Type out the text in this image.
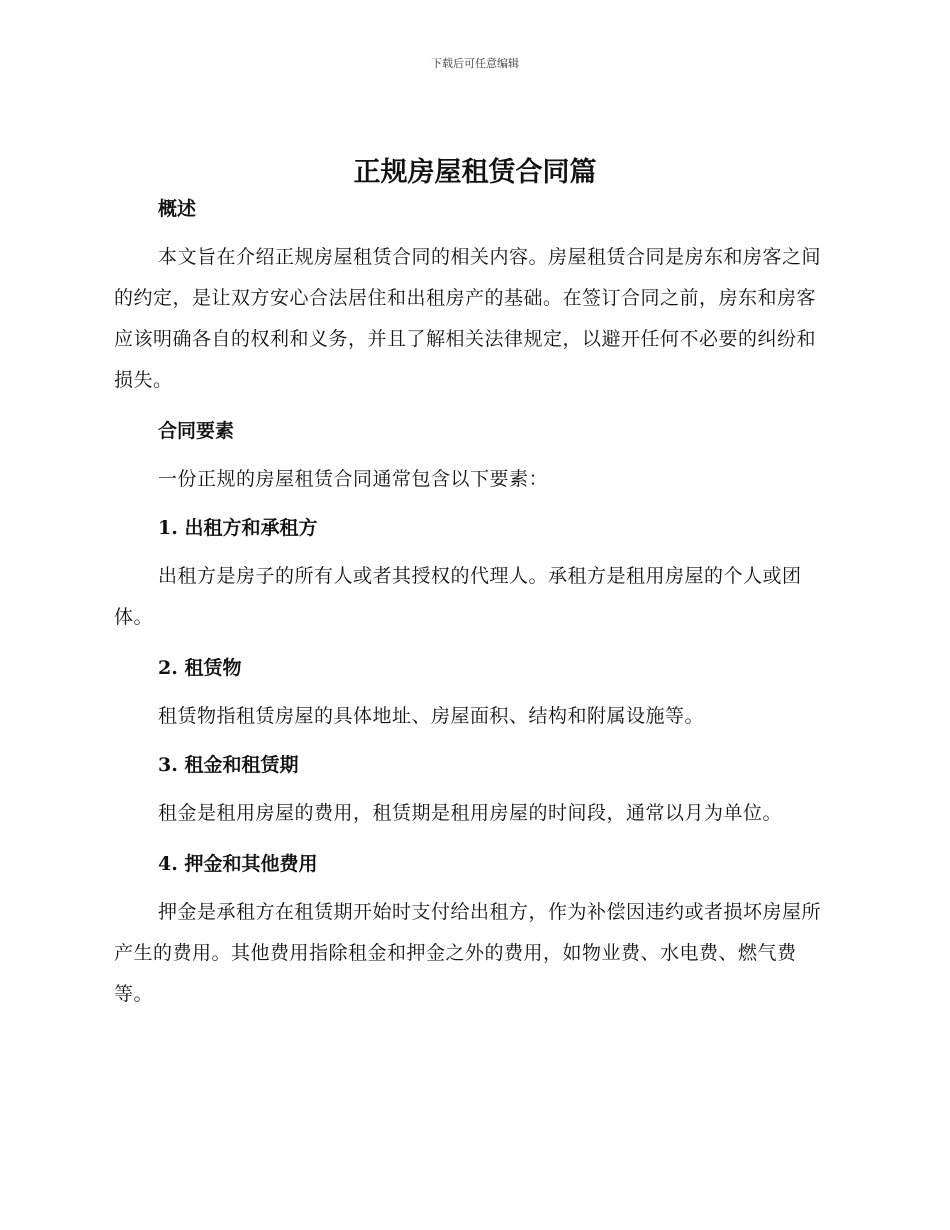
下载后可任意编辑
正规房屋租赁合同篇
概述

本文旨在介绍正规房屋租赁合同的相关内容。房屋租赁合同是房东和房客之间的约定，是让双方安心合法居住和出租房产的基础。在签订合同之前，房东和房客应该明确各自的权利和义务，并且了解相关法律规定，以避开任何不必要的纠纷和损失。

合同要素

一份正规的房屋租赁合同通常包含以下要素：

1. 出租方和承租方

出租方是房子的所有人或者其授权的代理人。承租方是租用房屋的个人或团体。

2. 租赁物

租赁物指租赁房屋的具体地址、房屋面积、结构和附属设施等。

3. 租金和租赁期

租金是租用房屋的费用，租赁期是租用房屋的时间段，通常以月为单位。

4. 押金和其他费用

押金是承租方在租赁期开始时支付给出租方，作为补偿因违约或者损坏房屋所产生的费用。其他费用指除租金和押金之外的费用，如物业费、水电费、燃气费等。
